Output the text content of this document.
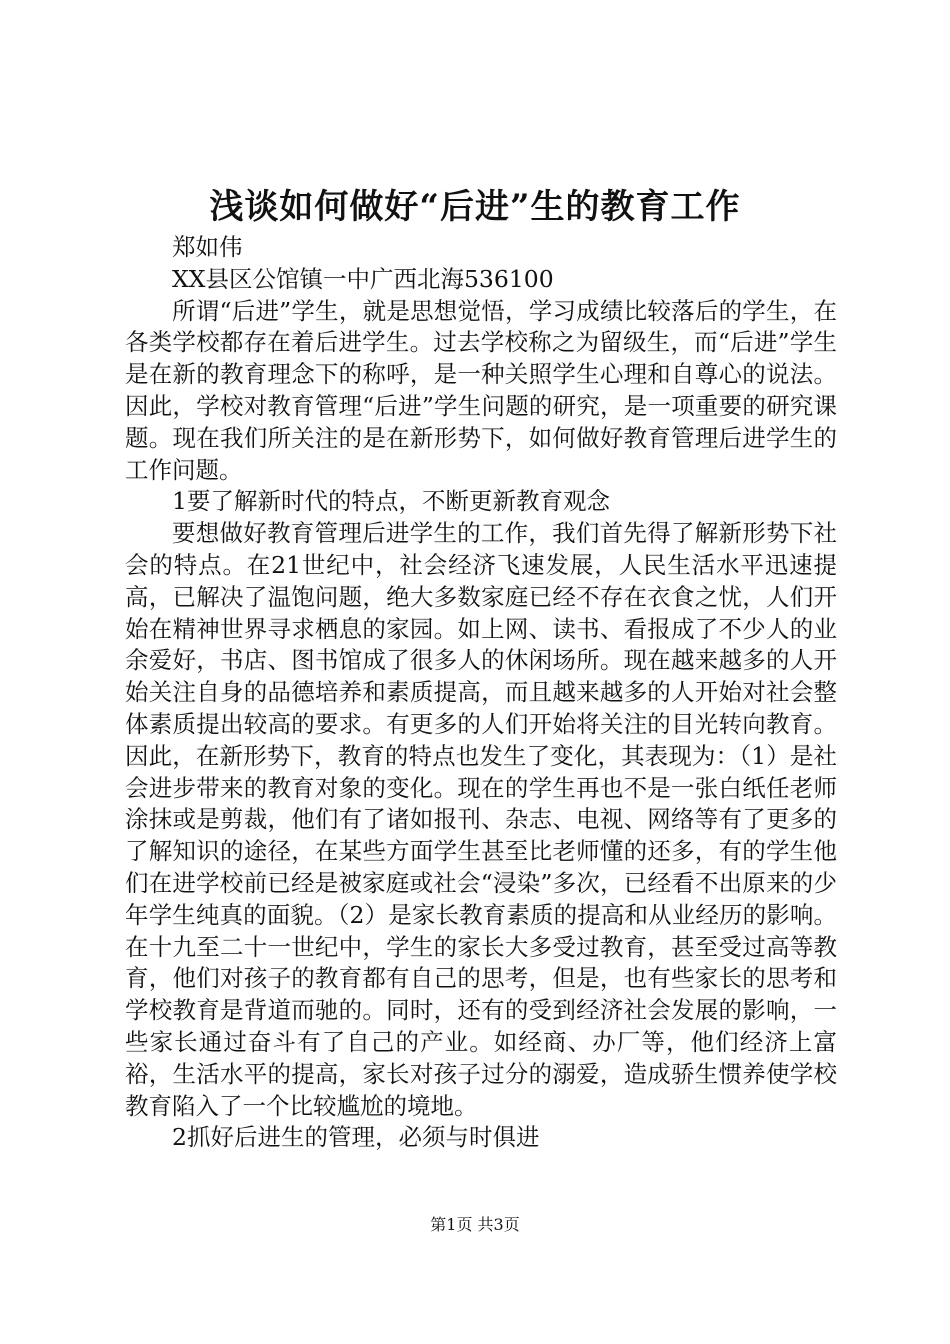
浅谈如何做好“后进”生的教育工作

郑如伟

XX县区公馆镇一中广西北海536100

所谓“后进”学生，就是思想觉悟，学习成绩比较落后的学生，在各类学校都存在着后进学生。过去学校称之为留级生，而“后进”学生是在新的教育理念下的称呼，是一种关照学生心理和自尊心的说法。因此，学校对教育管理“后进”学生问题的研究，是一项重要的研究课题。现在我们所关注的是在新形势下，如何做好教育管理后进学生的工作问题。

1要了解新时代的特点，不断更新教育观念

要想做好教育管理后进学生的工作，我们首先得了解新形势下社会的特点。在21世纪中，社会经济飞速发展，人民生活水平迅速提高，已解决了温饱问题，绝大多数家庭已经不存在衣食之忧，人们开始在精神世界寻求栖息的家园。如上网、读书、看报成了不少人的业余爱好，书店、图书馆成了很多人的休闲场所。现在越来越多的人开始关注自身的品德培养和素质提高，而且越来越多的人开始对社会整体素质提出较高的要求。有更多的人们开始将关注的目光转向教育。因此，在新形势下，教育的特点也发生了变化，其表现为：（1）是社会进步带来的教育对象的变化。现在的学生再也不是一张白纸任老师涂抹或是剪裁，他们有了诸如报刊、杂志、电视、网络等有了更多的了解知识的途径，在某些方面学生甚至比老师懂的还多，有的学生他们在进学校前已经是被家庭或社会“浸染”多次，已经看不出原来的少年学生纯真的面貌。（2）是家长教育素质的提高和从业经历的影响。在十九至二十一世纪中，学生的家长大多受过教育，甚至受过高等教育，他们对孩子的教育都有自己的思考，但是，也有些家长的思考和学校教育是背道而驰的。同时，还有的受到经济社会发展的影响，一些家长通过奋斗有了自己的产业。如经商、办厂等，他们经济上富裕，生活水平的提高，家长对孩子过分的溺爱，造成骄生惯养使学校教育陷入了一个比较尴尬的境地。

2抓好后进生的管理，必须与时俱进

第1页 共3页
